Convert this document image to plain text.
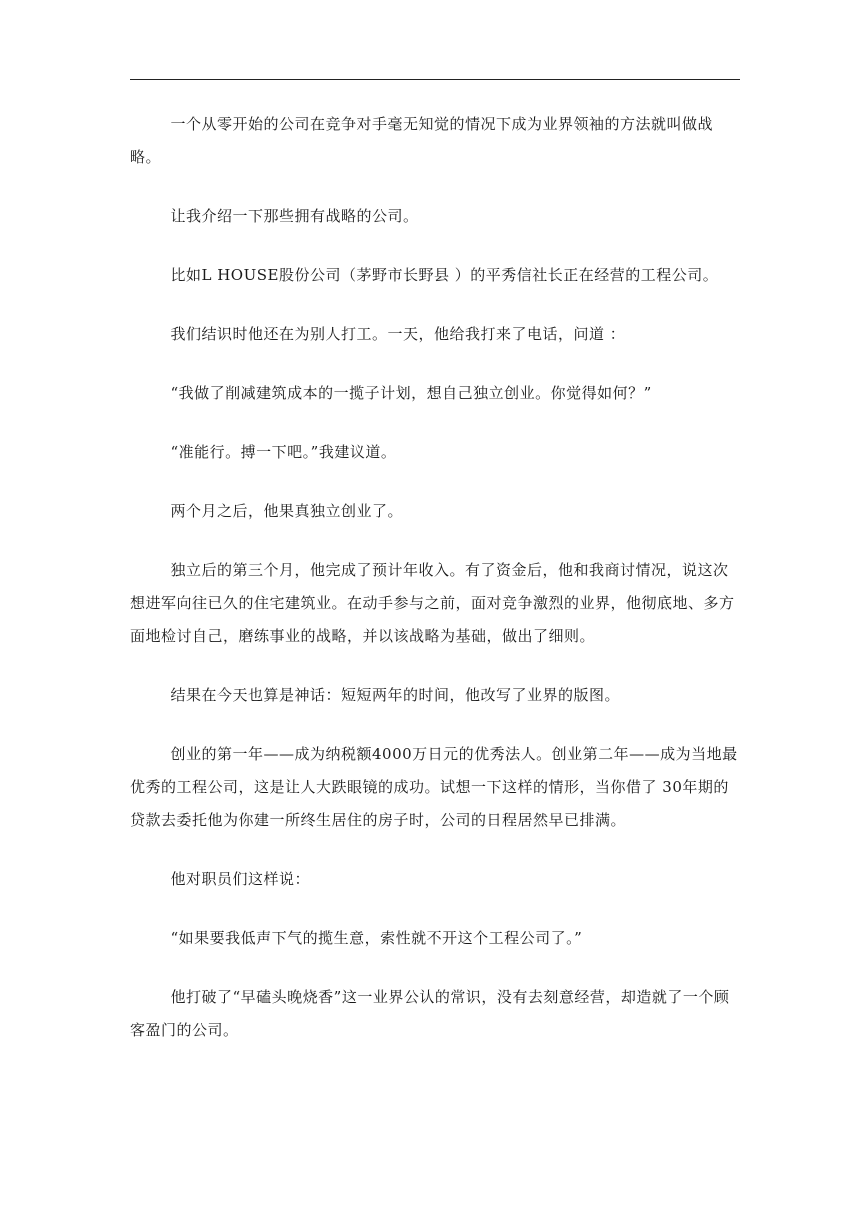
一个从零开始的公司在竞争对手毫无知觉的情况下成为业界领袖的方法就叫做战略。

让我介绍一下那些拥有战略的公司。

比如L HOUSE股份公司（茅野市长野县 ）的平秀信社长正在经营的工程公司。

我们结识时他还在为别人打工。一天，他给我打来了电话，问道 ：

“我做了削减建筑成本的一揽子计划，想自己独立创业。你觉得如何？”

“准能行。搏一下吧。”我建议道。

两个月之后，他果真独立创业了。

独立后的第三个月，他完成了预计年收入。有了资金后，他和我商讨情况，说这次想进军向往已久的住宅建筑业。在动手参与之前，面对竞争激烈的业界，他彻底地、多方面地检讨自己，磨练事业的战略，并以该战略为基础，做出了细则。

结果在今天也算是神话：短短两年的时间，他改写了业界的版图。

创业的第一年——成为纳税额4000万日元的优秀法人。创业第二年——成为当地最优秀的工程公司，这是让人大跌眼镜的成功。试想一下这样的情形，当你借了 30年期的贷款去委托他为你建一所终生居住的房子时，公司的日程居然早已排满。

他对职员们这样说：

“如果要我低声下气的揽生意，索性就不开这个工程公司了。”

他打破了“早磕头晚烧香”这一业界公认的常识，没有去刻意经营，却造就了一个顾客盈门的公司。
